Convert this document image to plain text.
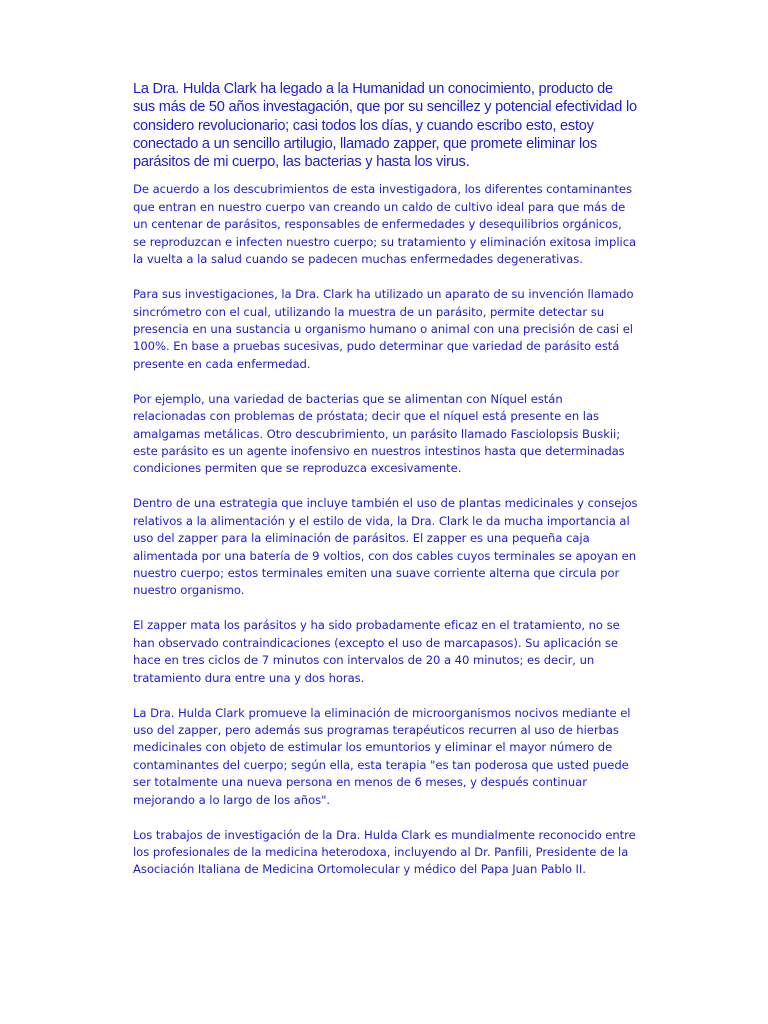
La Dra. Hulda Clark ha legado a la Humanidad un conocimiento, producto de sus más de 50 años investagación, que por su sencillez y potencial efectividad lo considero revolucionario; casi todos los días, y cuando escribo esto, estoy conectado a un sencillo artilugio, llamado zapper, que promete eliminar los parásitos de mi cuerpo, las bacterias y hasta los virus.

De acuerdo a los descubrimientos de esta investigadora, los diferentes contaminantes que entran en nuestro cuerpo van creando un caldo de cultivo ideal para que más de un centenar de parásitos, responsables de enfermedades y desequilibrios orgánicos, se reproduzcan e infecten nuestro cuerpo; su tratamiento y eliminación exitosa implica la vuelta a la salud cuando se padecen muchas enfermedades degenerativas.

Para sus investigaciones, la Dra. Clark ha utilizado un aparato de su invención llamado sincrómetro con el cual, utilizando la muestra de un parásito, permite detectar su presencia en una sustancia u organismo humano o animal con una precisión de casi el 100%. En base a pruebas sucesivas, pudo determinar que variedad de parásito está presente en cada enfermedad.

Por ejemplo, una variedad de bacterias que se alimentan con Níquel están relacionadas con problemas de próstata; decir que el níquel está presente en las amalgamas metálicas. Otro descubrimiento, un parásito llamado Fasciolopsis Buskii; este parásito es un agente inofensivo en nuestros intestinos hasta que determinadas condiciones permiten que se reproduzca excesivamente.

Dentro de una estrategia que incluye también el uso de plantas medicinales y consejos relativos a la alimentación y el estilo de vida, la Dra. Clark le da mucha importancia al uso del zapper para la eliminación de parásitos. El zapper es una pequeña caja alimentada por una batería de 9 voltios, con dos cables cuyos terminales se apoyan en nuestro cuerpo; estos terminales emiten una suave corriente alterna que circula por nuestro organismo.

El zapper mata los parásitos y ha sido probadamente eficaz en el tratamiento, no se han observado contraindicaciones (excepto el uso de marcapasos). Su aplicación se hace en tres ciclos de 7 minutos con intervalos de 20 a 40 minutos; es decir, un tratamiento dura entre una y dos horas.

La Dra. Hulda Clark promueve la eliminación de microorganismos nocivos mediante el uso del zapper, pero además sus programas terapéuticos recurren al uso de hierbas medicinales con objeto de estimular los emuntorios y eliminar el mayor número de contaminantes del cuerpo; según ella, esta terapia "es tan poderosa que usted puede ser totalmente una nueva persona en menos de 6 meses, y después continuar mejorando a lo largo de los años".

Los trabajos de investigación de la Dra. Hulda Clark es mundialmente reconocido entre los profesionales de la medicina heterodoxa, incluyendo al Dr. Panfili, Presidente de la Asociación Italiana de Medicina Ortomolecular y médico del Papa Juan Pablo II.
